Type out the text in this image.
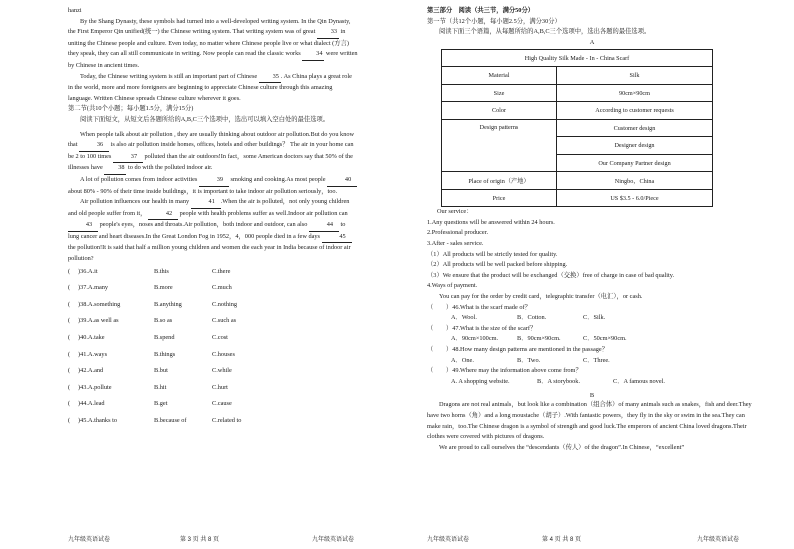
hanzi

By the Shang Dynasty, these symbols had turned into a well-developed writing system. In the Qin Dynasty, the First Emperor Qin unified(统一) the Chinese writing system. That writing system was of great 33 in uniting the Chinese people and culture. Even today, no matter where Chinese people live or what dialect (方言) they speak, they can all still communicate in writing. Now people can read the classic works 34 were written by Chinese in ancient times.

Today, the Chinese writing system is still an important part of Chinese 35 . As China plays a great role in the world, more and more foreigners are beginning to appreciate Chinese culture through this amazing language. Written Chinese spreads Chinese culture wherever it goes.

第二节(共10个小题；每小题1.5分，满分15分)

阅读下面短文，从短文后各题所给的A,B,C三个选项中，选出可以填入空白处的最佳选项。

When people talk about air pollution , they are usually thinking about outdoor air pollution.But do you know that	36 is also air pollution inside homes, offices, hotels and other buildings？ The air in your home can be 2 to 100 times	37 polluted than the air outdoors!In fact，some American doctors say that 50% of the illnesses have 38 to do with the polluted indoor air.

A lot of pollution comes from indoor activities	39 smoking and cooking.As most people	40 about 80% - 90% of their time inside buildings，it is important to take indoor air pollution seriously，too.

Air pollution influences our health in many	41 .When the air is polluted，not only young children and old people suffer from it，	42 people with health problems suffer as well.Indoor air pollution can 43 people's eyes，noses and throats.Air pollution，both indoor and outdoor, can also	44 to lung cancer and heart diseases.In the Great London Fog in 1952，4，000 people died in a few days	45 the pollution!It is said that half a million young children and women die each year in India because of indoor air pollution?

(	)36.A.it	B.this	C.there
(	)37.A.many	B.more	C.much
(	)38.A.something	B.anything	C.nothing
(	)39.A.as well as	B.so as	C.such as
(	)40.A.take	B.spend	C.cost
(	)41.A.ways	B.things	C.houses
(	)42.A.and	B.but	C.while
(	)43.A.pollute	B.hit	C.hurt
(	)44.A.lead	B.get	C.cause
(	)45.A.thanks to	B.because of	C.related to
九年级英语试卷	第 3 页 共 8 页	九年级英语试卷

第三部分　阅读（共三节，满分50分）

第一节（共12个小题，每小题2.5分，满分30分）

阅读下面三个语篇，从每题所给的A,B,C三个选项中，选出各题的最佳选项。

A
High Quality Silk Made - In - China Scarf	
Material	Silk
Size	90cm×90cm
Color	According to customer requests
Design patterns	Customer design
	Designer design
	Our Company Partner design
Place of origin（产地）	Ningbo，China
Price	US $3.5 - 6.0/Piece

Our service：

1.Any questions will be answered within 24 hours.

2.Professional producer.

3.After - sales service.

（1）All products will be strictly tested for quality.

（2）All products will be well packed before shipping.

（3）We ensure that the product will be exchanged（交换）free of charge in case of bad quality.

4.Ways of payment.

You can pay for the order by credit card，telegraphic transfer（电汇），or cash.

（　　）46.What is the scarf made of？

A．Wool.	B．Cotton.	C．Silk.

（　　）47.What is the size of the scarf？

A．90cm×100cm.	B．90cm×90cm.	C．50cm×90cm.

（　　）48.How many design patterns are mentioned in the passage？

A．One.	B．Two.	C．Three.

（　　）49.Where may the information above come from？

A. A shopping website.	B．A storybook.	C．A famous novel.
B

Dragons are not real animals，but look like a combination（组合体）of many animals such as snakes，fish and deer.They have two horns（角）and a long moustache（胡子）.With fantastic powers，they fly in the sky or swim in the sea.They can make rain，too.The Chinese dragon is a symbol of strength and good luck.The emperors of ancient China loved dragons.Their clothes were covered with pictures of dragons.

We are proud to call ourselves the “descendants（传人）of the dragon”.In Chinese，“excellent”

九年级英语试卷	第 4 页 共 8 页	九年级英语试卷
